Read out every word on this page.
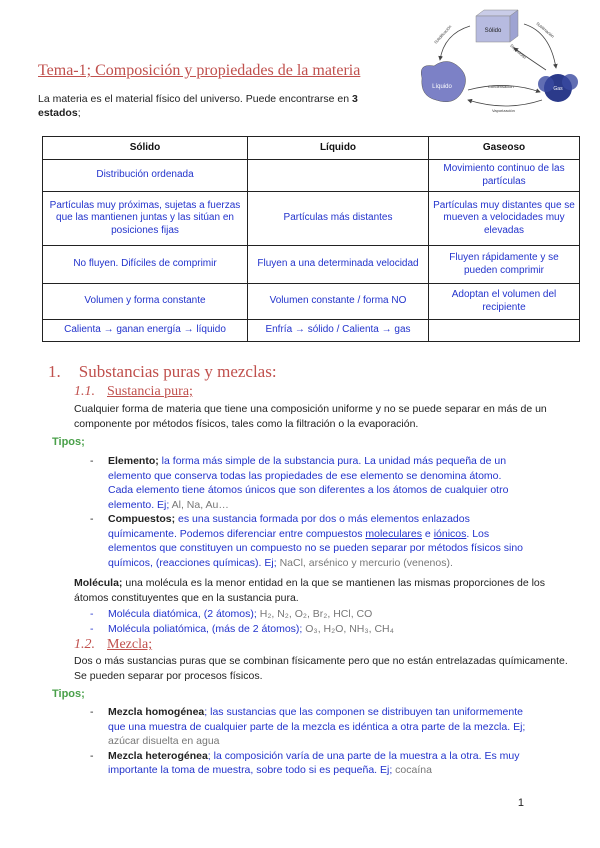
Sólido
Líquido	Gas
Solidificación	Sublimación
Deposición
Condensación
Vaporización
Tema-1; Composición y propiedades de la materia
La materia es el material físico del universo. Puede encontrarse en 3 estados;
Sólido	Líquido	Gaseoso
Distribución ordenada		Movimiento continuo de las partículas
Partículas muy próximas, sujetas a fuerzas que las mantienen juntas y las sitúan en posiciones fijas	Partículas más distantes	Partículas muy distantes que se mueven a velocidades muy elevadas
No fluyen. Difíciles de comprimir	Fluyen a una determinada velocidad	Fluyen rápidamente y se pueden comprimir
Volumen y forma constante	Volumen constante / forma NO	Adoptan el volumen del recipiente
Calienta → ganan energía → líquido	Enfría → sólido / Calienta → gas	
1. Substancias puras y mezclas:
1.1. Sustancia pura;
Cualquier forma de materia que tiene una composición uniforme y no se puede separar en más de un componente por métodos físicos, tales como la filtración o la evaporación.
Tipos;
- Elemento; la forma más simple de la substancia pura. La unidad más pequeña de un elemento que conserva todas las propiedades de ese elemento se denomina átomo. Cada elemento tiene átomos únicos que son diferentes a los átomos de cualquier otro elemento. Ej; Al, Na, Au…
- Compuestos; es una sustancia formada por dos o más elementos enlazados químicamente. Podemos diferenciar entre compuestos moleculares e iónicos. Los elementos que constituyen un compuesto no se pueden separar por métodos físicos sino químicos, (reacciones químicas). Ej; NaCl, arsénico y mercurio (venenos).
Molécula; una molécula es la menor entidad en la que se mantienen las mismas proporciones de los átomos constituyentes que en la sustancia pura.
- Molécula diatómica, (2 átomos); H₂, N₂, O₂, Br₂, HCl, CO
- Molécula poliatómica, (más de 2 átomos); O₃, H₂O, NH₃, CH₄
1.2. Mezcla;
Dos o más sustancias puras que se combinan físicamente pero que no están entrelazadas químicamente. Se pueden separar por procesos físicos.
Tipos;
- Mezcla homogénea; las sustancias que las componen se distribuyen tan uniformemente que una muestra de cualquier parte de la mezcla es idéntica a otra parte de la mezcla. Ej; azúcar disuelta en agua
- Mezcla heterogénea; la composición varía de una parte de la muestra a la otra. Es muy importante la toma de muestra, sobre todo si es pequeña. Ej; cocaína
1
